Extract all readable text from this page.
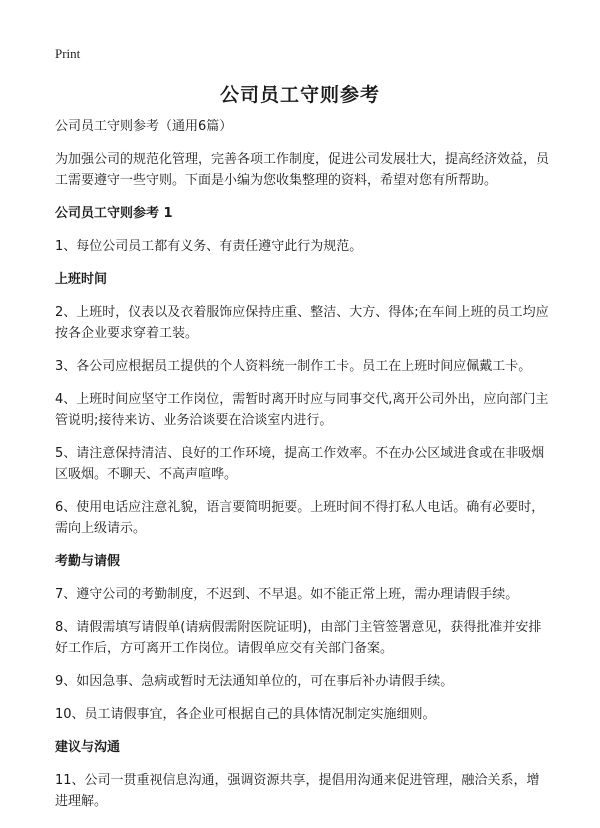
Print
公司员工守则参考

公司员工守则参考（通用6篇）

为加强公司的规范化管理，完善各项工作制度，促进公司发展壮大，提高经济效益，员工需要遵守一些守则。下面是小编为您收集整理的资料，希望对您有所帮助。

公司员工守则参考 1

1、每位公司员工都有义务、有责任遵守此行为规范。

上班时间

2、上班时，仪表以及衣着服饰应保持庄重、整洁、大方、得体;在车间上班的员工均应按各企业要求穿着工装。

3、各公司应根据员工提供的个人资料统一制作工卡。员工在上班时间应佩戴工卡。

4、上班时间应坚守工作岗位，需暂时离开时应与同事交代,离开公司外出，应向部门主管说明;接待来访、业务洽谈要在洽谈室内进行。

5、请注意保持清洁、良好的工作环境，提高工作效率。不在办公区域进食或在非吸烟区吸烟。不聊天、不高声喧哗。

6、使用电话应注意礼貌，语言要简明扼要。上班时间不得打私人电话。确有必要时，需向上级请示。

考勤与请假

7、遵守公司的考勤制度，不迟到、不早退。如不能正常上班，需办理请假手续。

8、请假需填写请假单(请病假需附医院证明)，由部门主管签署意见，获得批准并安排好工作后，方可离开工作岗位。请假单应交有关部门备案。

9、如因急事、急病或暂时无法通知单位的，可在事后补办请假手续。

10、员工请假事宜，各企业可根据自己的具体情况制定实施细则。

建议与沟通

11、公司一贯重视信息沟通，强调资源共享，提倡用沟通来促进管理，融洽关系，增进理解。
